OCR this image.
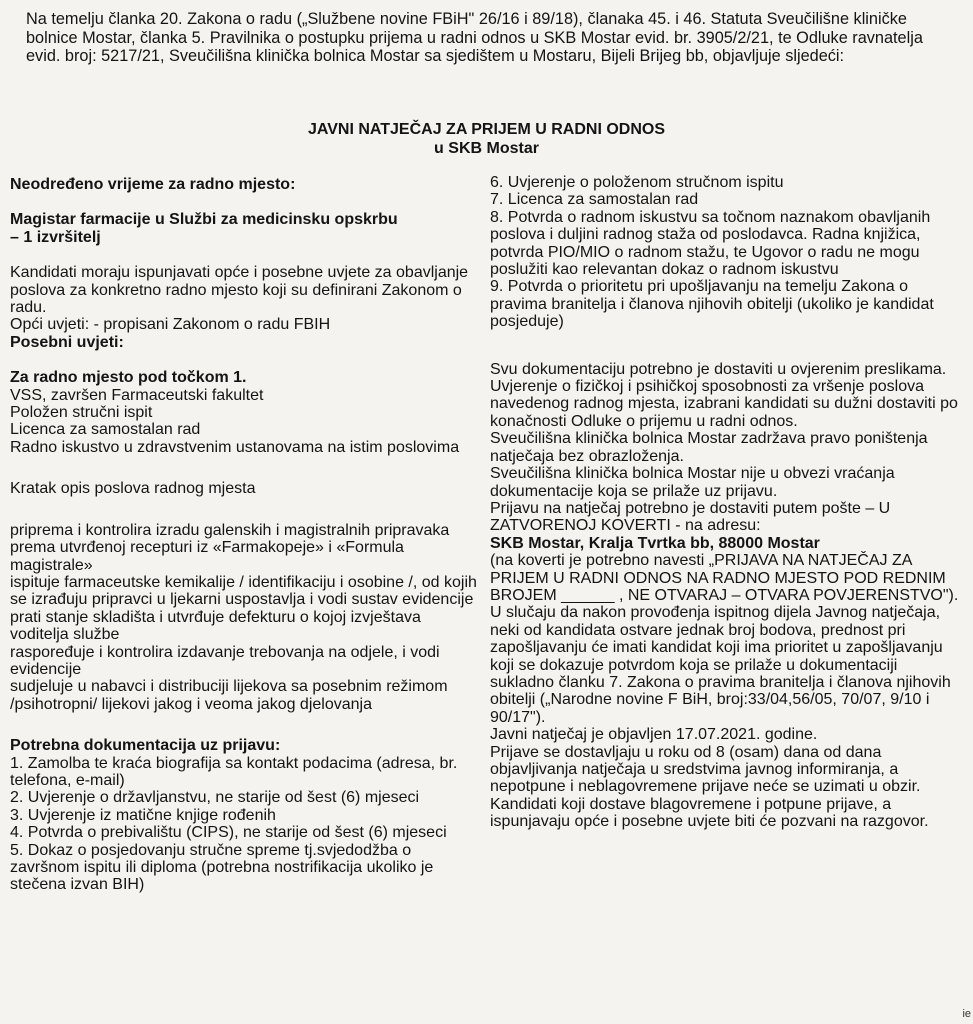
Na temelju članka 20. Zakona o radu („Službene novine FBiH" 26/16 i 89/18), članaka 45. i 46. Statuta Sveučilišne kliničke bolnice Mostar, članka 5. Pravilnika o postupku prijema u radni odnos u SKB Mostar evid. br. 3905/2/21, te Odluke ravnatelja evid. broj: 5217/21, Sveučilišna klinička bolnica Mostar sa sjedištem u Mostaru, Bijeli Brijeg bb, objavljuje sljedeći:
JAVNI NATJEČAJ ZA PRIJEM U RADNI ODNOS
u SKB Mostar

Neodređeno vrijeme za radno mjesto:

Magistar farmacije u Službi za medicinsku opskrbu

– 1 izvršitelj

Kandidati moraju ispunjavati opće i posebne uvjete za obavljanje poslova za konkretno radno mjesto koji su definirani Zakonom o radu.

Opći uvjeti: - propisani Zakonom o radu FBIH

Posebni uvjeti:

Za radno mjesto pod točkom 1.

VSS, završen Farmaceutski fakultet

Položen stručni ispit

Licenca za samostalan rad

Radno iskustvo u zdravstvenim ustanovama na istim poslovima

Kratak opis poslova radnog mjesta

priprema i kontrolira izradu galenskih i magistralnih pripravaka prema utvrđenoj recepturi iz «Farmakopeje» i «Formula magistrale»

ispituje farmaceutske kemikalije / identifikaciju i osobine /, od kojih se izrađuju pripravci u ljekarni uspostavlja i vodi sustav evidencije

prati stanje skladišta i utvrđuje defekturu o kojoj izvještava voditelja službe

raspoređuje i kontrolira izdavanje trebovanja na odjele, i vodi evidencije

sudjeluje u nabavci i distribuciji lijekova sa posebnim režimom /psihotropni/ lijekovi jakog i veoma jakog djelovanja

Potrebna dokumentacija uz prijavu:

1. Zamolba te kraća biografija sa kontakt podacima (adresa, br. telefona, e-mail)

2. Uvjerenje o državljanstvu, ne starije od šest (6) mjeseci

3. Uvjerenje iz matične knjige rođenih

4. Potvrda o prebivalištu (CIPS), ne starije od šest (6) mjeseci

5. Dokaz o posjedovanju stručne spreme tj.svjedodžba o završnom ispitu ili diploma (potrebna nostrifikacija ukoliko je stečena izvan BIH)

6. Uvjerenje o položenom stručnom ispitu

7. Licenca za samostalan rad

8. Potvrda o radnom iskustvu sa točnom naznakom obavljanih poslova i duljini radnog staža od poslodavca. Radna knjižica, potvrda PIO/MIO o radnom stažu, te Ugovor o radu ne mogu poslužiti kao relevantan dokaz o radnom iskustvu

9. Potvrda o prioritetu pri upošljavanju na temelju Zakona o pravima branitelja i članova njihovih obitelji (ukoliko je kandidat posjeduje)

Svu dokumentaciju potrebno je dostaviti u ovjerenim preslikama.

Uvjerenje o fizičkoj i psihičkoj sposobnosti za vršenje poslova navedenog radnog mjesta, izabrani kandidati su dužni dostaviti po konačnosti Odluke o prijemu u radni odnos.

Sveučilišna klinička bolnica Mostar zadržava pravo poništenja natječaja bez obrazloženja.

Sveučilišna klinička bolnica Mostar nije u obvezi vraćanja dokumentacije koja se prilaže uz prijavu.

Prijavu na natječaj potrebno je dostaviti putem pošte – U ZATVORENOJ KOVERTI - na adresu:

SKB Mostar, Kralja Tvrtka bb, 88000 Mostar

(na koverti je potrebno navesti „PRIJAVA NA NATJEČAJ ZA PRIJEM U RADNI ODNOS NA RADNO MJESTO POD REDNIM BROJEM ______ , NE OTVARAJ – OTVARA POVJERENSTVO").

U slučaju da nakon provođenja ispitnog dijela Javnog natječaja, neki od kandidata ostvare jednak broj bodova, prednost pri zapošljavanju će imati kandidat koji ima prioritet u zapošljavanju koji se dokazuje potvrdom koja se prilaže u dokumentaciji sukladno članku 7. Zakona o pravima branitelja i članova njihovih obitelji („Narodne novine F BiH, broj:33/04,56/05, 70/07, 9/10 i 90/17").

Javni natječaj je objavljen 17.07.2021. godine.

Prijave se dostavljaju u roku od 8 (osam) dana od dana objavljivanja natječaja u sredstvima javnog informiranja, a nepotpune i neblagovremene prijave neće se uzimati u obzir.

Kandidati koji dostave blagovremene i potpune prijave, a ispunjavaju opće i posebne uvjete biti će pozvani na razgovor.

ie
